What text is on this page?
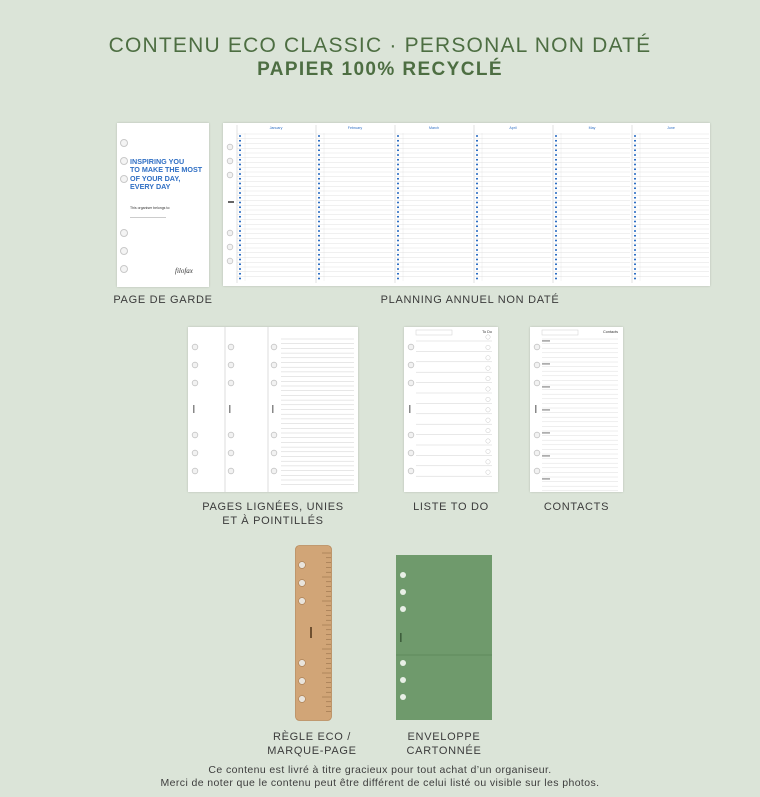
CONTENU ECO CLASSIC · PERSONAL NON DATÉ
PAPIER 100% RECYCLÉ
INSPIRING YOU
TO MAKE THE MOST
OF YOUR DAY,
EVERY DAY
This organiser belongs to:
filofax
PAGE DE GARDE
January	February	March	April	May	June
PLANNING ANNUEL NON DATÉ
PAGES LIGNÉES, UNIES
ET À POINTILLÉS
To Do
LISTE TO DO
Contacts
CONTACTS
RÈGLE ECO /
MARQUE-PAGE
ENVELOPPE
CARTONNÉE
Ce contenu est livré à titre gracieux pour tout achat d’un organiseur.
Merci de noter que le contenu peut être différent de celui listé ou visible sur les photos.
